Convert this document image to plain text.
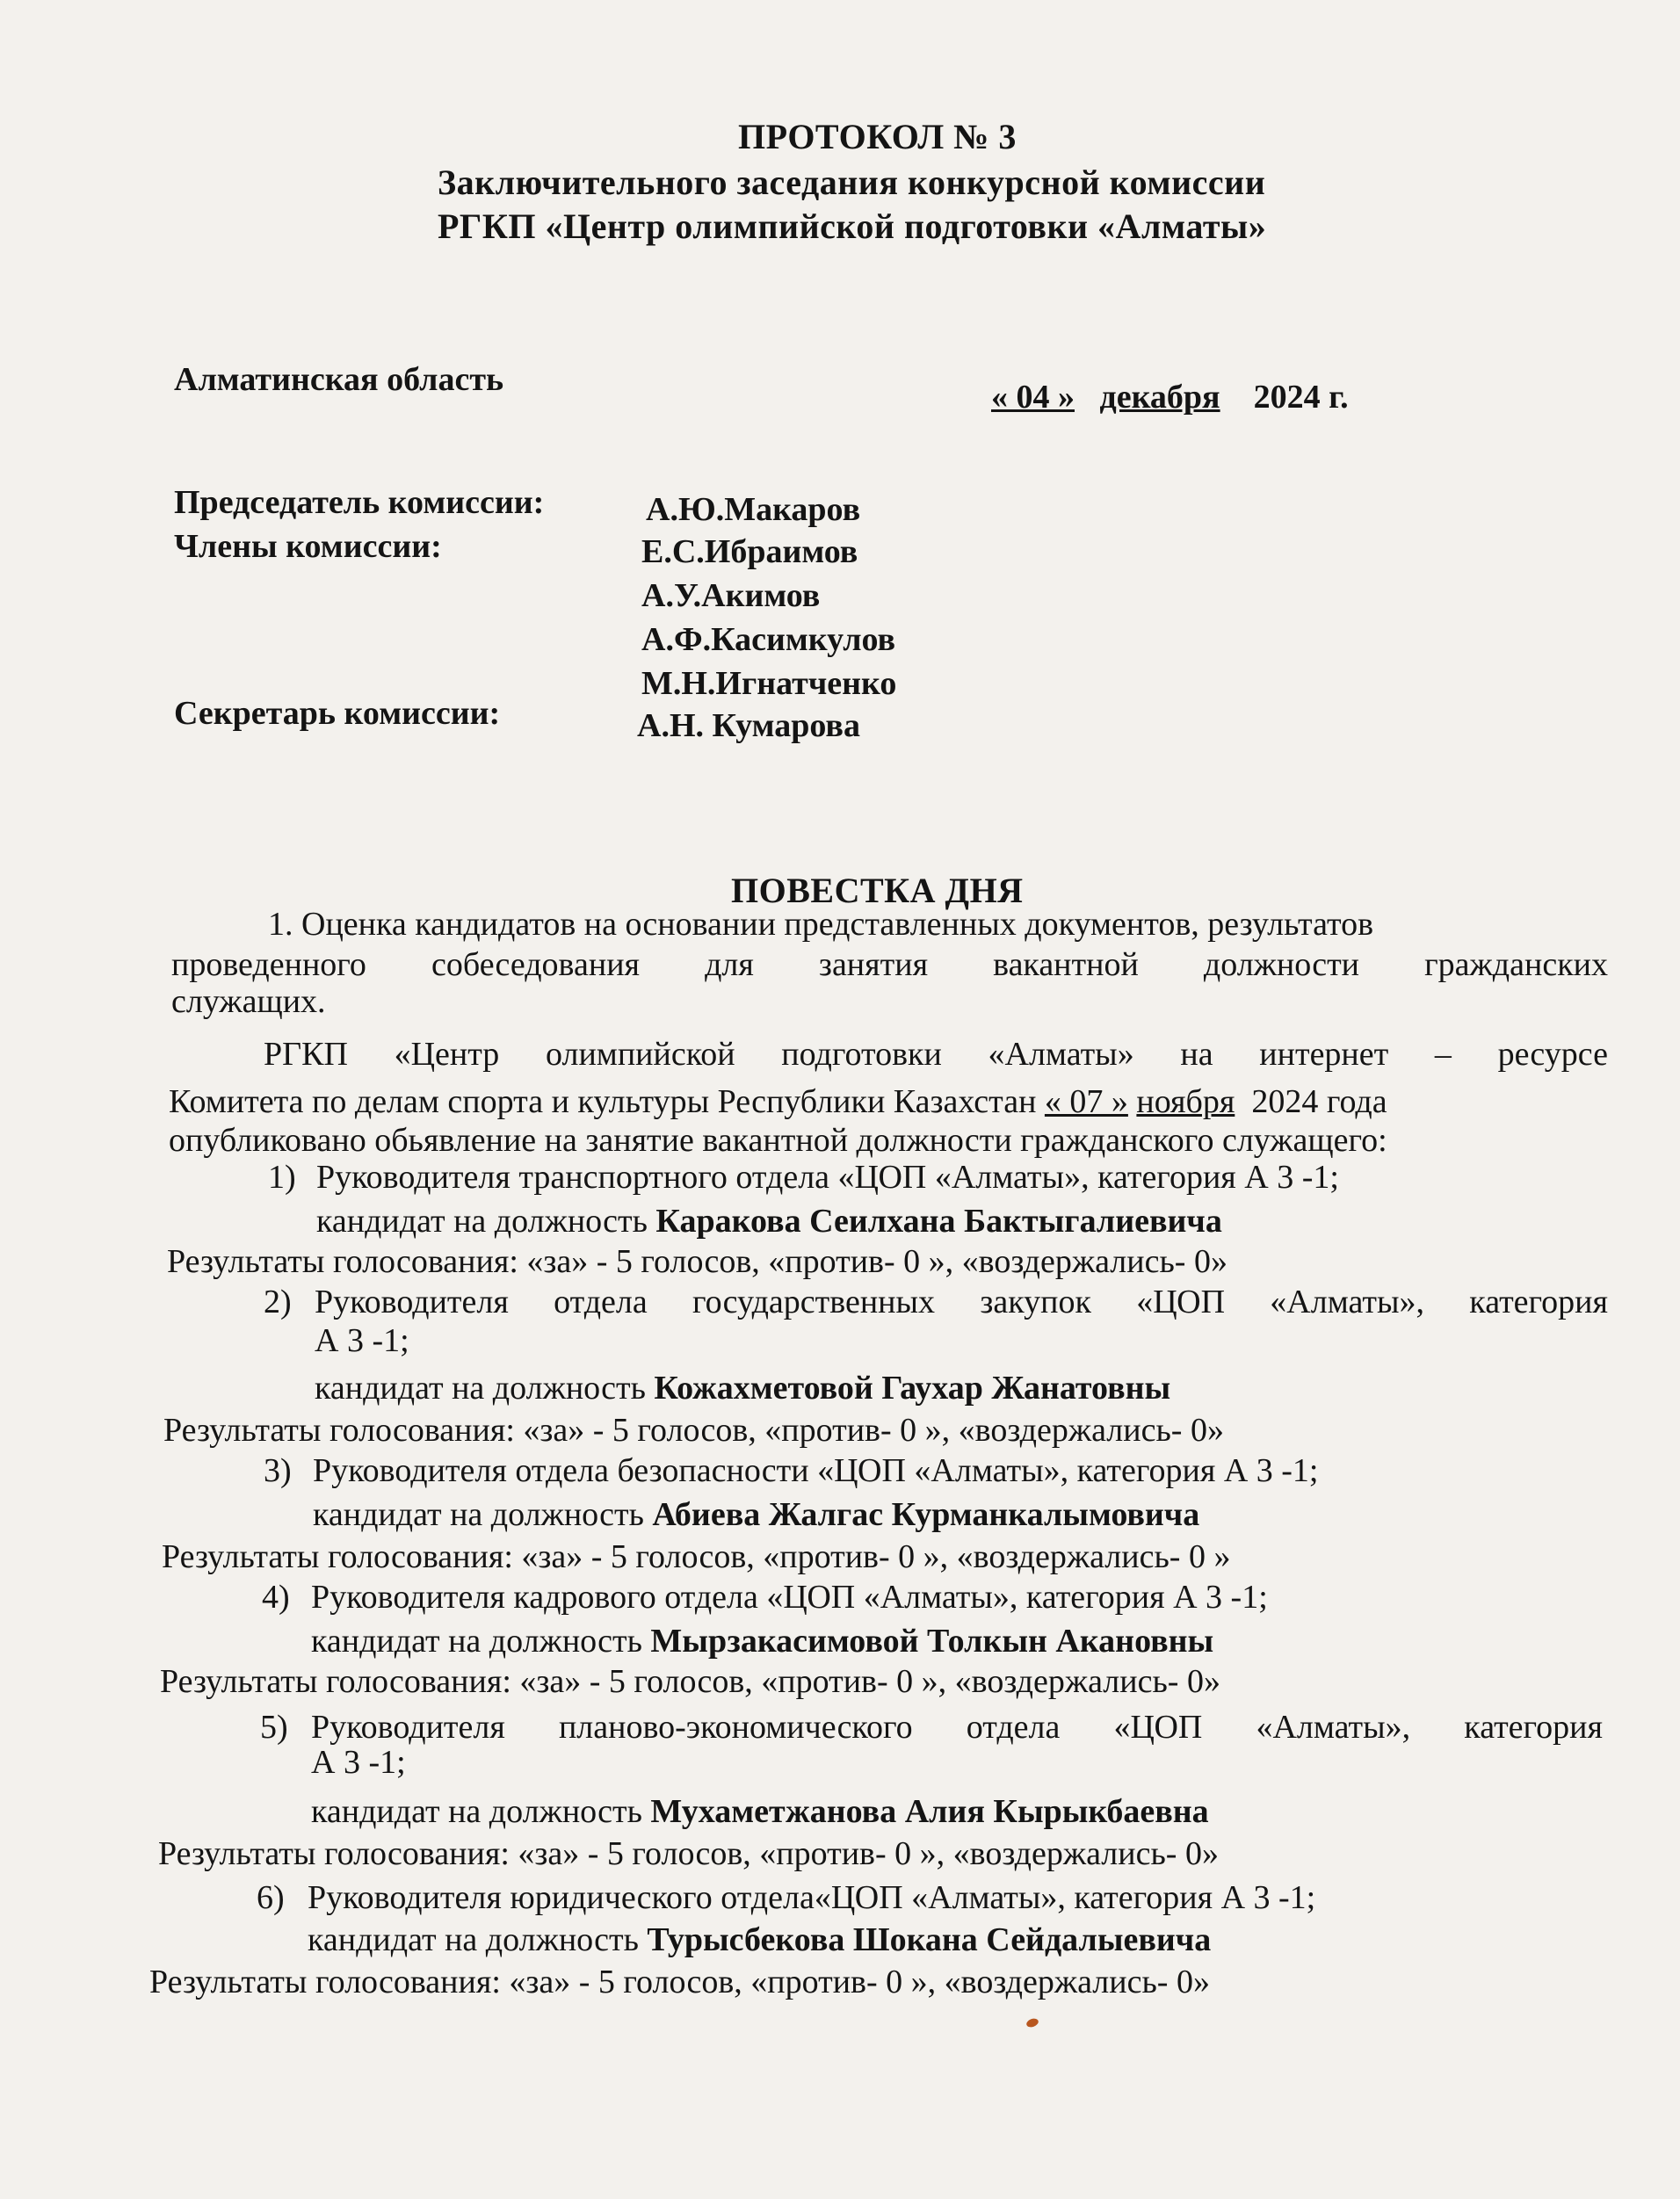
ПРОТОКОЛ № 3

Заключительного заседания конкурсной комиссии

РГКП «Центр олимпийской подготовки «Алматы»

Алматинская область	« 04 » декабря 2024 г.

Председатель комиссии:	А.Ю.Макаров

Члены комиссии:	Е.С.Ибраимов

А.У.Акимов

А.Ф.Касимкулов

М.Н.Игнатченко

Секретарь комиссии:	А.Н. Кумарова

ПОВЕСТКА ДНЯ

1. Оценка кандидатов на основании представленных документов, результатов

проведенного собеседования для занятия вакантной должности гражданских

служащих.

РГКП «Центр олимпийской подготовки «Алматы» на интернет – ресурсе

Комитета по делам спорта и культуры Республики Казахстан « 07 » ноября 2024 года

опубликовано обьявление на занятие вакантной должности гражданского служащего:

1) Руководителя транспортного отдела «ЦОП «Алматы», категория А 3 -1;

кандидат на должность Каракова Сеилхана Бактыгалиевича

Результаты голосования: «за» - 5 голосов, «против- 0 », «воздержались- 0»

2) Руководителя отдела государственных закупок «ЦОП «Алматы», категория

А 3 -1;

кандидат на должность Кожахметовой Гаухар Жанатовны

Результаты голосования: «за» - 5 голосов, «против- 0 », «воздержались- 0»

3) Руководителя отдела безопасности «ЦОП «Алматы», категория А 3 -1;

кандидат на должность Абиева Жалгас Курманкалымовича

Результаты голосования: «за» - 5 голосов, «против- 0 », «воздержались- 0 »

4) Руководителя кадрового отдела «ЦОП «Алматы», категория А 3 -1;

кандидат на должность Мырзакасимовой Толкын Акановны

Результаты голосования: «за» - 5 голосов, «против- 0 », «воздержались- 0»

5) Руководителя планово-экономического отдела «ЦОП «Алматы», категория

А 3 -1;

кандидат на должность Мухаметжанова Алия Кырыкбаевна

Результаты голосования: «за» - 5 голосов, «против- 0 », «воздержались- 0»

6) Руководителя юридического отдела«ЦОП «Алматы», категория А 3 -1;

кандидат на должность Турысбекова Шокана Сейдалыевича

Результаты голосования: «за» - 5 голосов, «против- 0 », «воздержались- 0»
